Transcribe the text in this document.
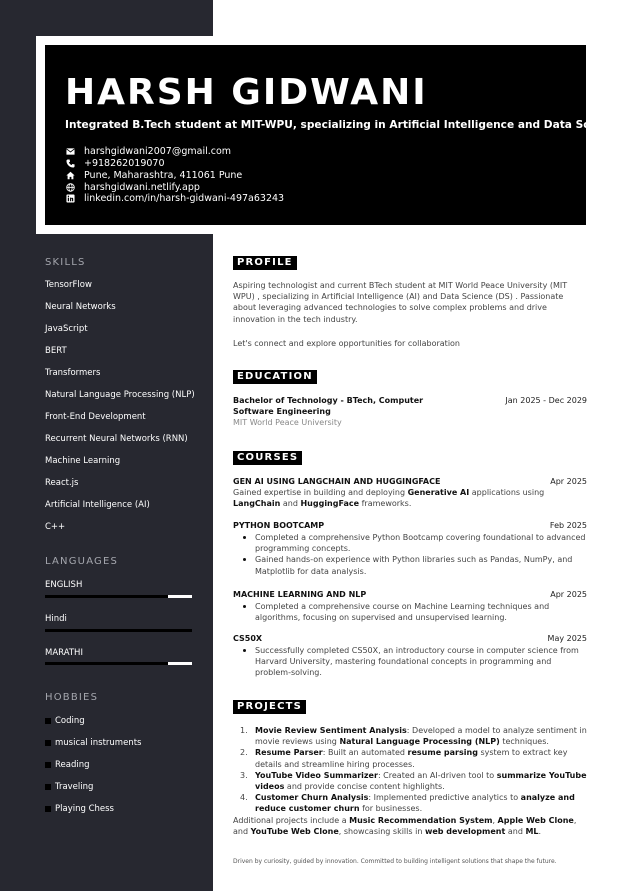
HARSH GIDWANI
Integrated B.Tech student at MIT-WPU, specializing in Artificial Intelligence and Data Science.
harshgidwani2007@gmail.com
+918262019070
Pune, Maharashtra, 411061 Pune
harshgidwani.netlify.app
linkedin.com/in/harsh-gidwani-497a63243
SKILLS
TensorFlow
Neural Networks
JavaScript
BERT
Transformers
Natural Language Processing (NLP)
Front-End Development
Recurrent Neural Networks (RNN)
Machine Learning
React.js
Artificial Intelligence (AI)
C++
LANGUAGES
ENGLISH
Hindi
MARATHI
HOBBIES
Coding
musical instruments
Reading
Traveling
Playing Chess
PROFILE
Aspiring technologist and current BTech student at MIT World Peace University (MIT WPU) , specializing in Artificial Intelligence (AI) and Data Science (DS) . Passionate about leveraging advanced technologies to solve complex problems and drive innovation in the tech industry.
Let's connect and explore opportunities for collaboration
EDUCATION
Bachelor of Technology - BTech, Computer	Jan 2025 - Dec 2029
Software Engineering
MIT World Peace University
COURSES
GEN AI USING LANGCHAIN AND HUGGINGFACE	Apr 2025
Gained expertise in building and deploying Generative AI applications using LangChain and HuggingFace frameworks.
PYTHON BOOTCAMP	Feb 2025
Completed a comprehensive Python Bootcamp covering foundational to advanced programming concepts.
Gained hands-on experience with Python libraries such as Pandas, NumPy, and Matplotlib for data analysis.
MACHINE LEARNING AND NLP	Apr 2025
Completed a comprehensive course on Machine Learning techniques and algorithms, focusing on supervised and unsupervised learning.
CS50X	May 2025
Successfully completed CS50X, an introductory course in computer science from Harvard University, mastering foundational concepts in programming and problem-solving.
PROJECTS
1. Movie Review Sentiment Analysis: Developed a model to analyze sentiment in movie reviews using Natural Language Processing (NLP) techniques.
2. Resume Parser: Built an automated resume parsing system to extract key details and streamline hiring processes.
3. YouTube Video Summarizer: Created an AI-driven tool to summarize YouTube videos and provide concise content highlights.
4. Customer Churn Analysis: Implemented predictive analytics to analyze and reduce customer churn for businesses.
Additional projects include a Music Recommendation System, Apple Web Clone, and YouTube Web Clone, showcasing skills in web development and ML.
Driven by curiosity, guided by innovation. Committed to building intelligent solutions that shape the future.
